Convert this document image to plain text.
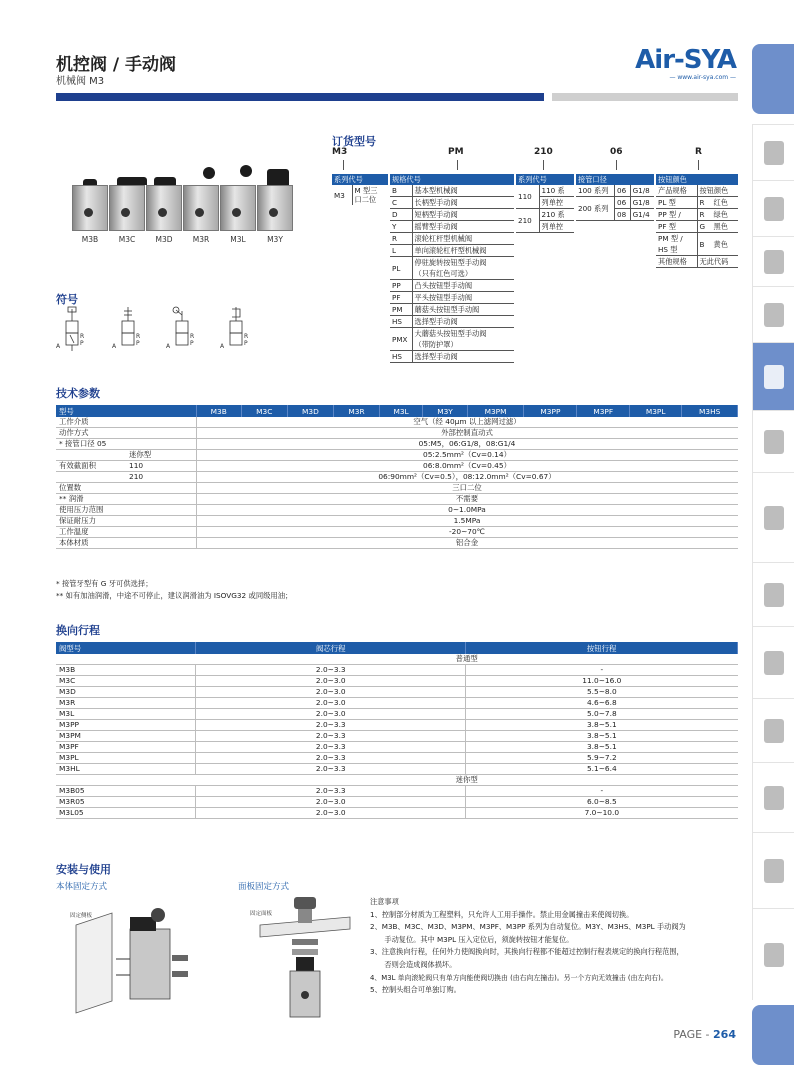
机控阀 / 手动阀
机械阀 M3
Air-SYA
— www.air-sya.com —
M3B	M3C	M3D	M3R	M3L	M3Y
符号
A
R
P	A
R
P	A
R
P	A
R
P
订货型号
M3	PM	210	06	R
系列代号
M3	M 型三
口二位
规格代号	
B	基本型机械阀
C	长柄型手动阀
D	短柄型手动阀
Y	摇臂型手动阀
R	滚轮杠杆型机械阀
L	单向滚轮杠杆型机械阀
PL	停驻旋转按钮型手动阀
	（只有红色可选）
PP	凸头按钮型手动阀
PF	平头按钮型手动阀
PM	蘑菇头按钮型手动阀
HS	选择型手动阀
PMX	大蘑菇头按钮型手动阀
	（带防护罩）
HS	选择型手动阀
系列代号	
110	110 系
	列单控
210	210 系
	列单控
接管口径		
100 系列	06	G1/8
200 系列	06	G1/8
	08	G1/4
按钮颜色		
产品规格	按钮颜色	
PL 型	R	红色
PP 型 /	R	绿色
PF 型	G	黑色
PM 型 /	B	黄色
HS 型		
其他规格	无此代码	
技术参数
型号		M3B	M3C	M3D	M3R	M3L	M3Y	M3PM	M3PP	M3PF	M3PL	M3HS
工作介质		空气（经 40μm 以上滤网过滤）										
动作方式		外部控制直动式										
* 接管口径 05		05:M5，06:G1/8，08:G1/4										
	迷你型	05:2.5mm²（Cv=0.14）										
有效截面积	110	06:8.0mm²（Cv=0.45）										
	210	06:90mm²（Cv=0.5），08:12.0mm²（Cv=0.67）										
位置数		三口二位										
** 润滑		不需要										
使用压力范围		0~1.0MPa										
保证耐压力		1.5MPa										
工作温度		-20~70℃										
本体材质		铝合金										
* 接管牙型有 G 牙可供选择；
** 如有加油润滑，中途不可停止，建议润滑油为 ISOVG32 或同级用油；
换向行程
阀型号	阀芯行程	按钮行程
	普通型	
M3B	2.0~3.3	-
M3C	2.0~3.0	11.0~16.0
M3D	2.0~3.0	5.5~8.0
M3R	2.0~3.0	4.6~6.8
M3L	2.0~3.0	5.0~7.8
M3PP	2.0~3.3	3.8~5.1
M3PM	2.0~3.3	3.8~5.1
M3PF	2.0~3.3	3.8~5.1
M3PL	2.0~3.3	5.9~7.2
M3HL	2.0~3.3	5.1~6.4
	迷你型	
M3B05	2.0~3.3	-
M3R05	2.0~3.0	6.0~8.5
M3L05	2.0~3.0	7.0~10.0
安装与使用
本体固定方式	面板固定方式
固定侧板	固定面板
注意事项
1、控制部分材质为工程塑料，只允许人工用手操作。禁止用金属撞击来使阀切换。
2、M3B、M3C、M3D、M3PM、M3PF、M3PP 系列为自动复位。M3Y、M3HS、M3PL 手动阀为
　　手动复位。其中 M3PL 压入定位后，须旋转按钮才能复位。
3、注意换向行程，任何外力使阀换向时，其换向行程都不能超过控制行程表规定的换向行程范围，
　　否则会造成阀体损坏。
4、M3L 单向滚轮阀只有单方向能使阀切换由 (由右向左撞击)。另一个方向无效撞击 (由左向右)。
5、控制头组合可单独订购。
PAGE - 264
